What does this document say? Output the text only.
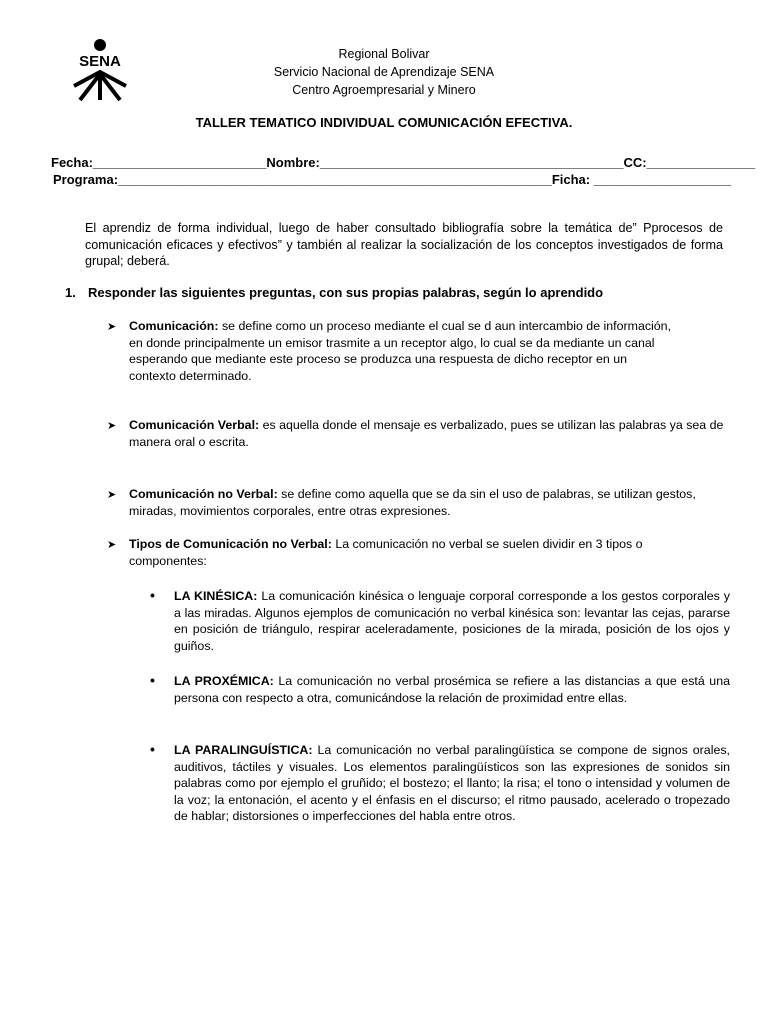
SENA	Regional Bolivar
Servicio Nacional de Aprendizaje SENA
Centro Agroempresarial y Minero
TALLER TEMATICO INDIVIDUAL COMUNICACIÓN EFECTIVA.
Fecha:________________________Nombre:__________________________________________CC:_______________
Programa:____________________________________________________________Ficha: ___________________
El aprendiz de forma individual, luego de haber consultado bibliografía sobre la temática de” Pprocesos de comunicación eficaces y efectivos” y también al realizar la socialización de los conceptos investigados de forma grupal; deberá.
1. Responder las siguientes preguntas, con sus propias palabras, según lo aprendido
➤ Comunicación: se define como un proceso mediante el cual se d aun intercambio de información, en donde principalmente un emisor trasmite a un receptor algo, lo cual se da mediante un canal esperando que mediante este proceso se produzca una respuesta de dicho receptor en un contexto determinado.
➤ Comunicación Verbal: es aquella donde el mensaje es verbalizado, pues se utilizan las palabras ya sea de manera oral o escrita.
➤ Comunicación no Verbal: se define como aquella que se da sin el uso de palabras, se utilizan gestos, miradas, movimientos corporales, entre otras expresiones.
➤ Tipos de Comunicación no Verbal: La comunicación no verbal se suelen dividir en 3 tipos o componentes:
• LA KINÉSICA: La comunicación kinésica o lenguaje corporal corresponde a los gestos corporales y a las miradas. Algunos ejemplos de comunicación no verbal kinésica son: levantar las cejas, pararse en posición de triángulo, respirar aceleradamente, posiciones de la mirada, posición de los ojos y guiños.
• LA PROXÉMICA: La comunicación no verbal prosémica se refiere a las distancias a que está una persona con respecto a otra, comunicándose la relación de proximidad entre ellas.
• LA PARALINGUÍSTICA: La comunicación no verbal paralingüística se compone de signos orales, auditivos, táctiles y visuales. Los elementos paralingüísticos son las expresiones de sonidos sin palabras como por ejemplo el gruñido; el bostezo; el llanto; la risa; el tono o intensidad y volumen de la voz; la entonación, el acento y el énfasis en el discurso; el ritmo pausado, acelerado o tropezado de hablar; distorsiones o imperfecciones del habla entre otros.
